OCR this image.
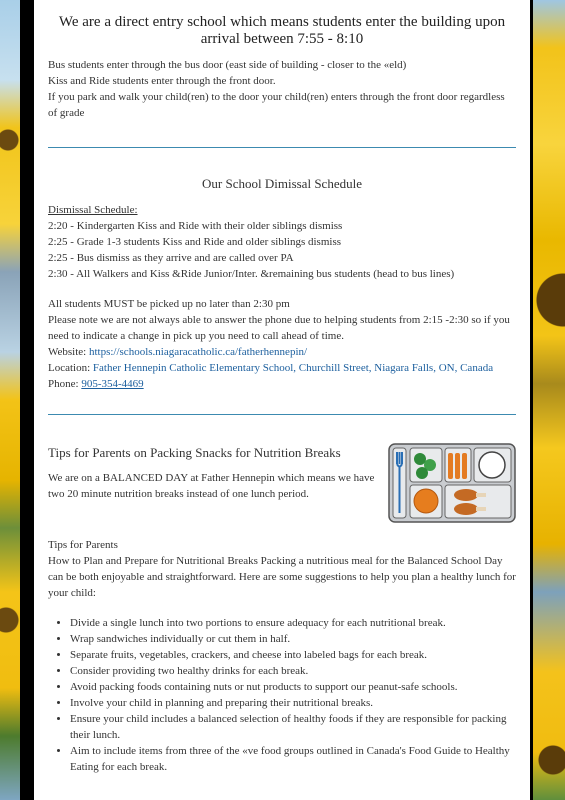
We are a direct entry school which means students enter the building upon arrival between 7:55 - 8:10

Bus students enter through the bus door (east side of building - closer to the «eld)

Kiss and Ride students enter through the front door.

If you park and walk your child(ren) to the door your child(ren) enters through the front door regardless of grade

Our School Dimissal Schedule

Dismissal Schedule:

2:20 - Kindergarten Kiss and Ride with their older siblings dismiss

2:25 - Grade 1-3 students Kiss and Ride and older siblings dismiss

2:25 - Bus dismiss as they arrive and are called over PA

2:30 - All Walkers and Kiss &Ride Junior/Inter. &remaining bus students (head to bus lines)

All students MUST be picked up no later than 2:30 pm

Please note we are not always able to answer the phone due to helping students from 2:15 -2:30 so if you need to indicate a change in pick up you need to call ahead of time.

Website: https://schools.niagaracatholic.ca/fatherhennepin/

Location: Father Hennepin Catholic Elementary School, Churchill Street, Niagara Falls, ON, Canada

Phone: 905-354-4469

Tips for Parents on Packing Snacks for Nutrition Breaks

We are on a BALANCED DAY at Father Hennepin which means we have two 20 minute nutrition breaks instead of one lunch period.

Tips for Parents

How to Plan and Prepare for Nutritional Breaks Packing a nutritious meal for the Balanced School Day can be both enjoyable and straightforward. Here are some suggestions to help you plan a healthy lunch for your child:

• Divide a single lunch into two portions to ensure adequacy for each nutritional break.
• Wrap sandwiches individually or cut them in half.
• Separate fruits, vegetables, crackers, and cheese into labeled bags for each break.
• Consider providing two healthy drinks for each break.
• Avoid packing foods containing nuts or nut products to support our peanut-safe schools.
• Involve your child in planning and preparing their nutritional breaks.
• Ensure your child includes a balanced selection of healthy foods if they are responsible for packing their lunch.
• Aim to include items from three of the «ve food groups outlined in Canada's Food Guide to Healthy Eating for each break.
